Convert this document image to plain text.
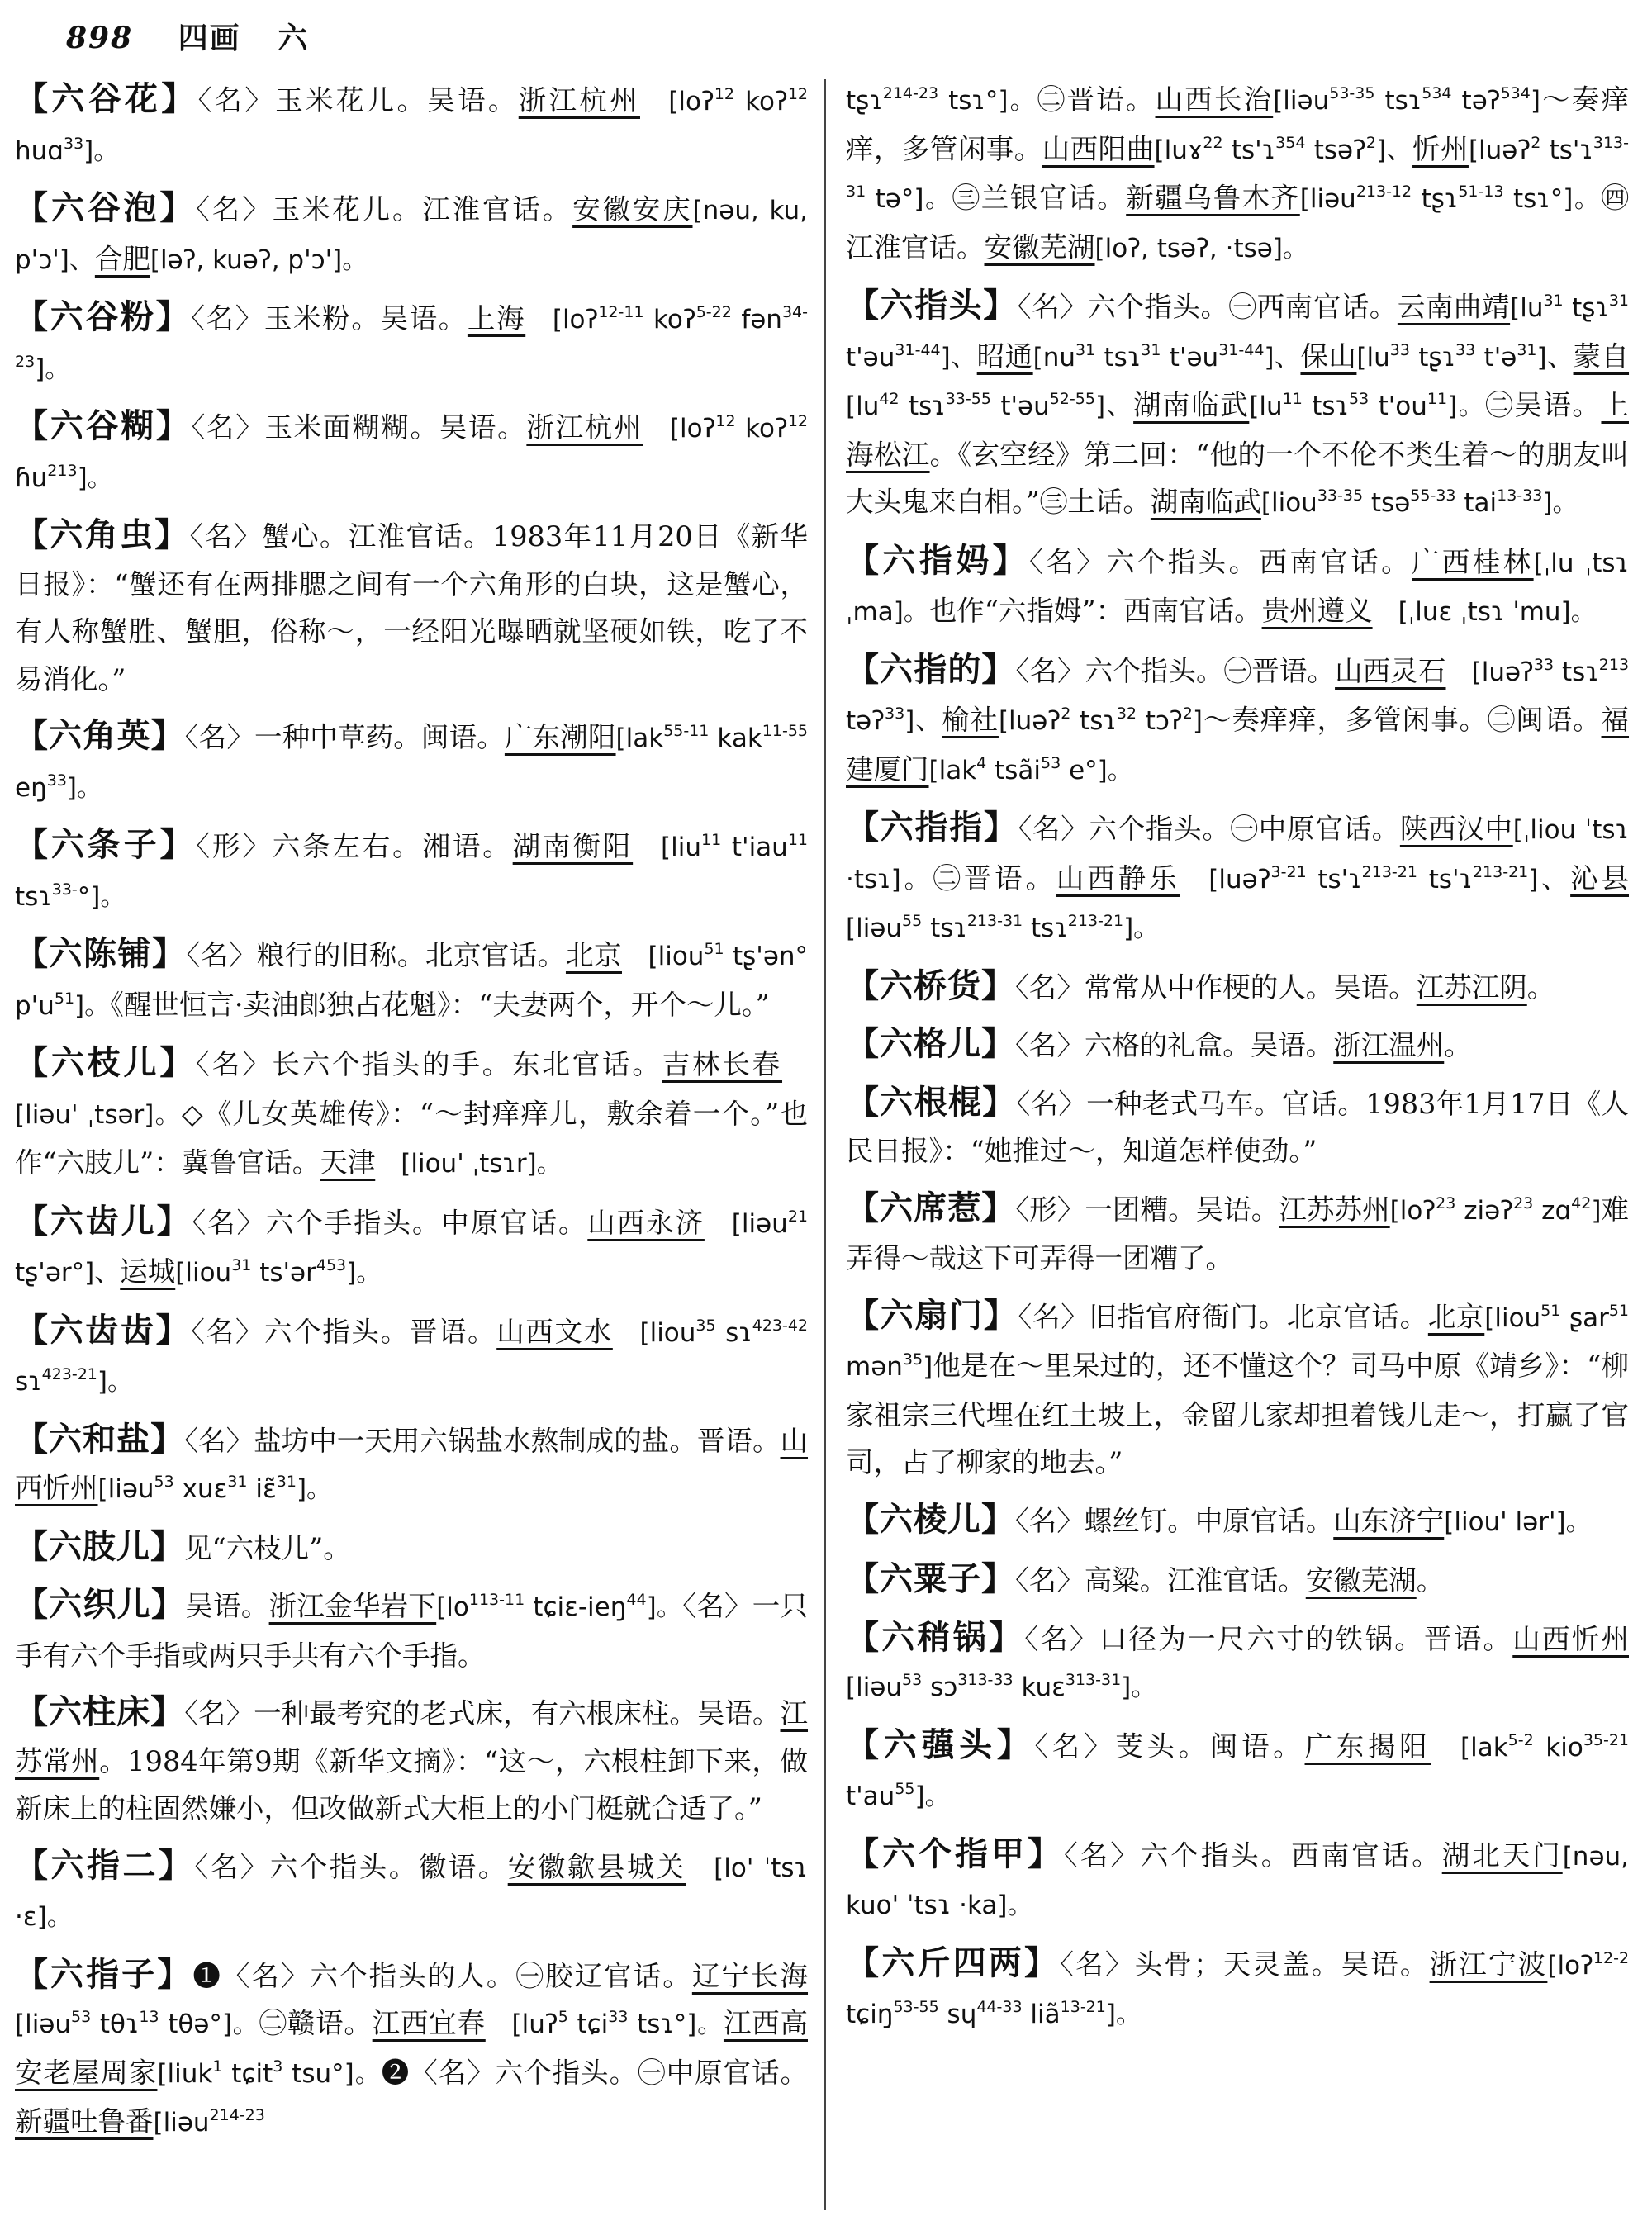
898 四画 六
【六谷花】〈名〉玉米花儿。吴语。浙江杭州　[loʔ$^{12}$ koʔ$^{12}$ huɑ$^{33}$]。
【六谷泡】〈名〉玉米花儿。江淮官话。安徽安庆[nəu, ku, p'ɔ']、合肥[ləʔ, kuəʔ, p'ɔ']。
【六谷粉】〈名〉玉米粉。吴语。上海　[loʔ$^{12-11}$ koʔ$^{5-22}$ fən$^{34-23}$]。
【六谷糊】〈名〉玉米面糊糊。吴语。浙江杭州　[loʔ$^{12}$ koʔ$^{12}$ ɦu$^{213}$]。
【六角虫】〈名〉蟹心。江淮官话。1983年11月20日《新华日报》：“蟹还有在两排腮之间有一个六角形的白块，这是蟹心，有人称蟹胜、蟹胆，俗称～，一经阳光曝晒就坚硬如铁，吃了不易消化。”
【六角英】〈名〉一种中草药。闽语。广东潮阳[lak$^{55-11}$ kak$^{11-55}$ $eŋ^{33}$]。
【六条子】〈形〉六条左右。湘语。湖南衡阳　[liu$^{11}$ t'iau$^{11}$ tsɿ$^{33-}$°]。
【六陈铺】〈名〉粮行的旧称。北京官话。北京　[liou$^{51}$ tʂ'ən° $p'u^{51}$]。《醒世恒言·卖油郎独占花魁》：“夫妻两个，开个～儿。”
【六枝儿】〈名〉长六个指头的手。东北官话。吉林长春　[liəu' ˌtsər]。◇《儿女英雄传》：“～封痒痒儿，敷余着一个。”也作“六肢儿”：冀鲁官话。天津　[liou' ˌtsɿr]。
【六齿儿】〈名〉六个手指头。中原官话。山西永济　[liəu$^{21}$ tʂ'ər°]、运城[liou$^{31}$ ts'ər$^{453}$]。
【六齿齿】〈名〉六个指头。晋语。山西文水　[liou$^{35}$ sɿ$^{423-42}$ sɿ$^{423-21}$]。
【六和盐】〈名〉盐坊中一天用六锅盐水熬制成的盐。晋语。山西忻州[liəu$^{53}$ xuɛ$^{31}$ iɛ̃$^{31}$]。
【六肢儿】见“六枝儿”。
【六织儿】吴语。浙江金华岩下[$lo^{113-11}$ tɕiɛ-ieŋ$^{44}$]。〈名〉一只手有六个手指或两只手共有六个手指。
【六柱床】〈名〉一种最考究的老式床，有六根床柱。吴语。江苏常州。1984年第9期《新华文摘》：“这～，六根柱卸下来，做新床上的柱固然嫌小，但改做新式大柜上的小门梃就合适了。”
【六指二】〈名〉六个指头。徽语。安徽歙县城关　[lo' ˈtsɿ ·ɛ]。
【六指子】❶〈名〉六个指头的人。㊀胶辽官话。辽宁长海[liəu$^{53}$ tθɿ$^{13}$ tθə°]。㊁赣语。江西宜春　[luʔ$^5$ tɕi$^{33}$ tsɿ°]。江西高安老屋周家[liuk$^1$ tɕit$^3$ tsu°]。❷〈名〉六个指头。㊀中原官话。新疆吐鲁番[liəu$^{214-23}$
tʂɿ$^{214-23}$ tsɿ°]。㊁晋语。山西长治[liəu$^{53-35}$ tsɿ$^{534}$ təʔ$^{534}$]～奏痒痒，多管闲事。山西阳曲[luɤ$^{22}$ ts'ɿ$^{354}$ tsəʔ$^2$]、忻州[luəʔ$^2$ ts'ɿ$^{313-31}$ tə°]。㊂兰银官话。新疆乌鲁木齐[liəu$^{213-12}$ tʂɿ$^{51-13}$ tsɿ°]。㊃江淮官话。安徽芜湖[loʔ, tsəʔ, ·tsə]。
【六指头】〈名〉六个指头。㊀西南官话。云南曲靖[$lu^{31}$ tʂɿ$^{31}$ t'əu$^{31-44}$]、昭通[$nu^{31}$ tsɿ$^{31}$ t'əu$^{31-44}$]、保山[$lu^{33}$ tʂɿ$^{33}$ t'ə$^{31}$]、蒙自[$lu^{42}$ tsɿ$^{33-55}$ t'əu$^{52-55}$]、湖南临武[$lu^{11}$ tsɿ$^{53}$ $t'ou^{11}$]。㊁吴语。上海松江。《玄空经》第二回：“他的一个不伦不类生着～的朋友叫大头鬼来白相。”㊂土话。湖南临武[liou$^{33-35}$ tsə$^{55-33}$ tai$^{13-33}$]。
【六指妈】〈名〉六个指头。西南官话。广西桂林[ˌlu ˌtsɿ ˌma]。也作“六指姆”：西南官话。贵州遵义　[ˌluɛ ˌtsɿ ˈmu]。
【六指的】〈名〉六个指头。㊀晋语。山西灵石　[luəʔ$^{33}$ tsɿ$^{213}$ təʔ$^{33}$]、榆社[luəʔ$^2$ tsɿ$^{32}$ tɔʔ$^2$]～奏痒痒，多管闲事。㊁闽语。福建厦门[lak$^4$ tsãi$^{53}$ e°]。
【六指指】〈名〉六个指头。㊀中原官话。陕西汉中[ˌliou ˈtsɿ ·tsɿ]。㊁晋语。山西静乐　[luəʔ$^{3-21}$ ts'ɿ$^{213-21}$ ts'ɿ$^{213-21}$]、沁县[liəu$^{55}$ tsɿ$^{213-31}$ tsɿ$^{213-21}$]。
【六桥货】〈名〉常常从中作梗的人。吴语。江苏江阴。
【六格儿】〈名〉六格的礼盒。吴语。浙江温州。
【六根棍】〈名〉一种老式马车。官话。1983年1月17日《人民日报》：“她推过～，知道怎样使劲。”
【六席惹】〈形〉一团糟。吴语。江苏苏州[loʔ$^{23}$ ziəʔ$^{23}$ zɑ$^{42}$]难弄得～哉这下可弄得一团糟了。
【六扇门】〈名〉旧指官府衙门。北京官话。北京[liou$^{51}$ ʂar$^{51}$ mən$^{35}$]他是在～里呆过的，还不懂这个？司马中原《靖乡》：“柳家祖宗三代埋在红土坡上，金留儿家却担着钱儿走～，打赢了官司，占了柳家的地去。”
【六棱儿】〈名〉螺丝钉。中原官话。山东济宁[liou' lər']。
【六粟子】〈名〉高粱。江淮官话。安徽芜湖。
【六稍锅】〈名〉口径为一尺六寸的铁锅。晋语。山西忻州[liəu$^{53}$ sɔ$^{313-33}$ kuɛ$^{313-31}$]。
【六蔃头】〈名〉芰头。闽语。广东揭阳　[lak$^{5-2}$ kio$^{35-21}$ $t'au^{55}$]。
【六个指甲】〈名〉六个指头。西南官话。湖北天门[nəu, kuo' ˈtsɿ ·ka]。
【六斤四两】〈名〉头骨；天灵盖。吴语。浙江宁波[loʔ$^{12-2}$ tɕiŋ$^{53-55}$ sɥ$^{44-33}$ liã$^{13-21}$]。
